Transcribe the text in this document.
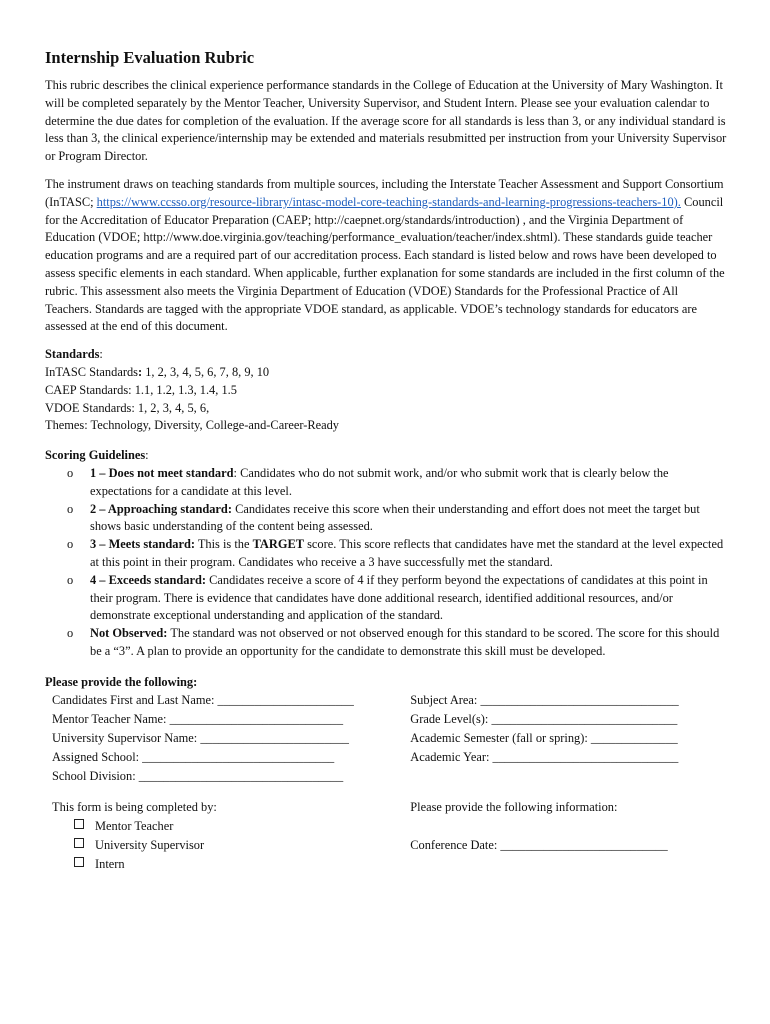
Internship Evaluation Rubric

This rubric describes the clinical experience performance standards in the College of Education at the University of Mary Washington. It will be completed separately by the Mentor Teacher, University Supervisor, and Student Intern. Please see your evaluation calendar to determine the due dates for completion of the evaluation. If the average score for all standards is less than 3, or any individual standard is less than 3, the clinical experience/internship may be extended and materials resubmitted per instruction from your University Supervisor or Program Director.

The instrument draws on teaching standards from multiple sources, including the Interstate Teacher Assessment and Support Consortium (InTASC; https://www.ccsso.org/resource-library/intasc-model-core-teaching-standards-and-learning-progressions-teachers-10). Council for the Accreditation of Educator Preparation (CAEP; http://caepnet.org/standards/introduction) , and the Virginia Department of Education (VDOE; http://www.doe.virginia.gov/teaching/performance_evaluation/teacher/index.shtml). These standards guide teacher education programs and are a required part of our accreditation process. Each standard is listed below and rows have been developed to assess specific elements in each standard. When applicable, further explanation for some standards are included in the first column of the rubric. This assessment also meets the Virginia Department of Education (VDOE) Standards for the Professional Practice of All Teachers. Standards are tagged with the appropriate VDOE standard, as applicable. VDOE’s technology standards for educators are assessed at the end of this document.

Standards:
InTASC Standards: 1, 2, 3, 4, 5, 6, 7, 8, 9, 10
CAEP Standards: 1.1, 1.2, 1.3, 1.4, 1.5
VDOE Standards: 1, 2, 3, 4, 5, 6,
Themes: Technology, Diversity, College-and-Career-Ready
Scoring Guidelines:
o 1 – Does not meet standard: Candidates who do not submit work, and/or who submit work that is clearly below the expectations for a candidate at this level.
o 2 – Approaching standard: Candidates receive this score when their understanding and effort does not meet the target but shows basic understanding of the content being assessed.
o 3 – Meets standard: This is the TARGET score. This score reflects that candidates have met the standard at the level expected at this point in their program. Candidates who receive a 3 have successfully met the standard.
o 4 – Exceeds standard: Candidates receive a score of 4 if they perform beyond the expectations of candidates at this point in their program. There is evidence that candidates have done additional research, identified additional resources, and/or demonstrate exceptional understanding and application of the standard.
o Not Observed: The standard was not observed or not observed enough for this standard to be scored. The score for this should be a “3”. A plan to provide an opportunity for the candidate to demonstrate this skill must be developed.
Please provide the following:
Candidates First and Last Name: ______________________
Mentor Teacher Name: ____________________________
University Supervisor Name: ________________________
Assigned School: _______________________________
School Division: _________________________________
Subject Area: ________________________________
Grade Level(s): ______________________________
Academic Semester (fall or spring): ______________
Academic Year: ______________________________
This form is being completed by:
Mentor Teacher
University Supervisor
Intern
Please provide the following information:
Conference Date: ___________________________
